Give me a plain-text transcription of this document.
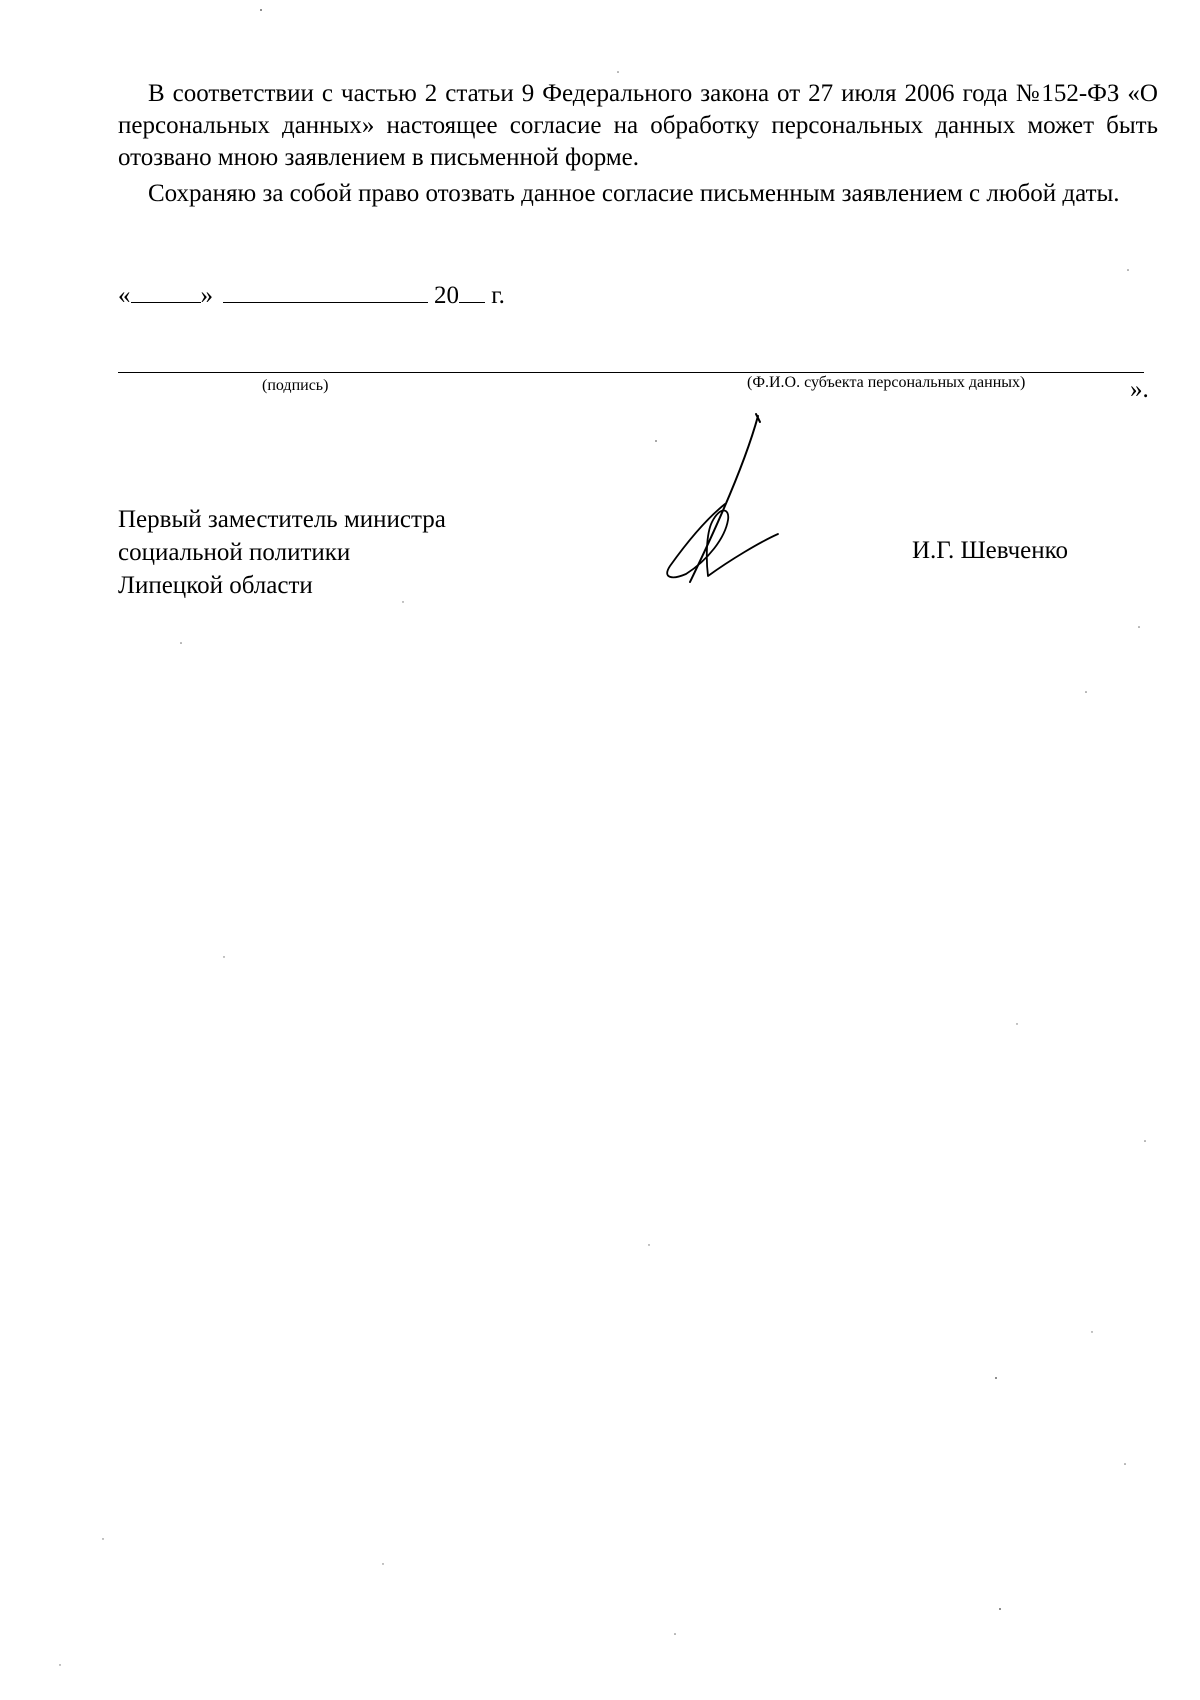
В соответствии с частью 2 статьи 9 Федерального закона от 27 июля 2006 года №152-ФЗ «О персональных данных» настоящее согласие на обработку персональных данных может быть отозвано мною заявлением в письменной форме.

Сохраняю за собой право отозвать данное согласие письменным заявлением с любой даты.

«	»	20 г.
(подпись)	(Ф.И.О. субъекта персональных данных)	».
Первый заместитель министра
социальной политики
Липецкой области
И.Г. Шевченко
